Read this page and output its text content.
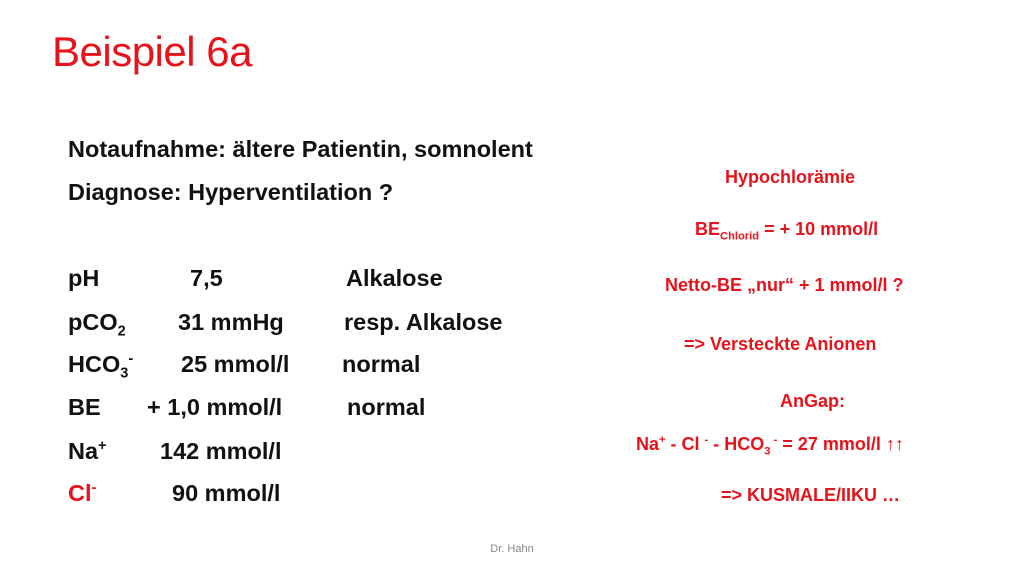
Beispiel 6a
Notaufnahme: ältere Patientin, somnolent
Diagnose: Hyperventilation ?
pH	7,5	Alkalose
pCO$_2$ 31 mmHg	resp. Alkalose
$HCO_3^-$ 25 mmol/l normal
BE + 1,0 mmol/l	normal
Na+ 142 mmol/l
Cl-	90 mmol/l
Hypochlorämie
$BE_{Chlorid}$ = + 10 mmol/l
Netto-BE „nur“ + 1 mmol/l ?
=> Versteckte Anionen
AnGap:
Na+ - Cl $^- - HCO_3$ - = 27 mmol/l ↑↑
=> KUSMALE/IIKU …
Dr. Hahn
